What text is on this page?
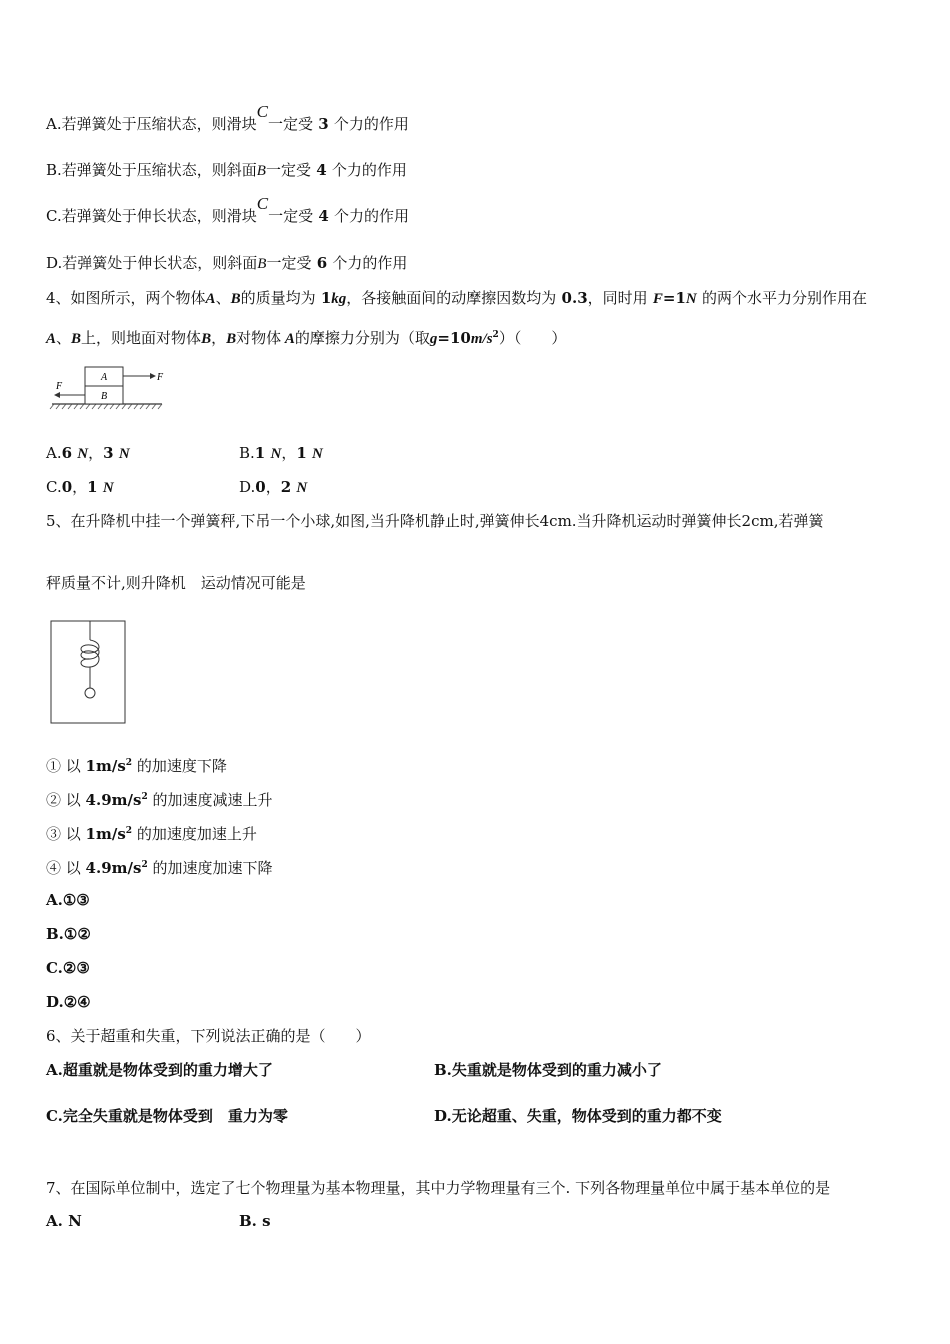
A.若弹簧处于压缩状态，则滑块C一定受 3 个力的作用
B.若弹簧处于压缩状态，则斜面B一定受 4 个力的作用
C.若弹簧处于伸长状态，则滑块C一定受 4 个力的作用
D.若弹簧处于伸长状态，则斜面B一定受 6 个力的作用
4、如图所示，两个物体A、B的质量均为 1kg，各接触面间的动摩擦因数均为 0.3，同时用 F=1N 的两个水平力分别作用在
A、B上，则地面对物体B，B对物体 A的摩擦力分别为（取$g=10m/s^2$）（　　）
A
B
F
F
A.6 N，3 N	B.1 N，1 N
C.0，1 N	D.0，2 N
5、在升降机中挂一个弹簧秤,下吊一个小球,如图,当升降机静止时,弹簧伸长4cm.当升降机运动时弹簧伸长2cm,若弹簧
秤质量不计,则升降机　运动情况可能是
① 以 $1m/s^2$ 的加速度下降
② 以 $4.9m/s^2$ 的加速度减速上升
③ 以 $1m/s^2$ 的加速度加速上升
④ 以 $4.9m/s^2$ 的加速度加速下降
A.①③
B.①②
C.②③
D.②④
6、关于超重和失重，下列说法正确的是（　　）
A.超重就是物体受到的重力增大了	B.失重就是物体受到的重力减小了
C.完全失重就是物体受到　重力为零	D.无论超重、失重，物体受到的重力都不变
7、在国际单位制中，选定了七个物理量为基本物理量，其中力学物理量有三个. 下列各物理量单位中属于基本单位的是
A. N	B. s
